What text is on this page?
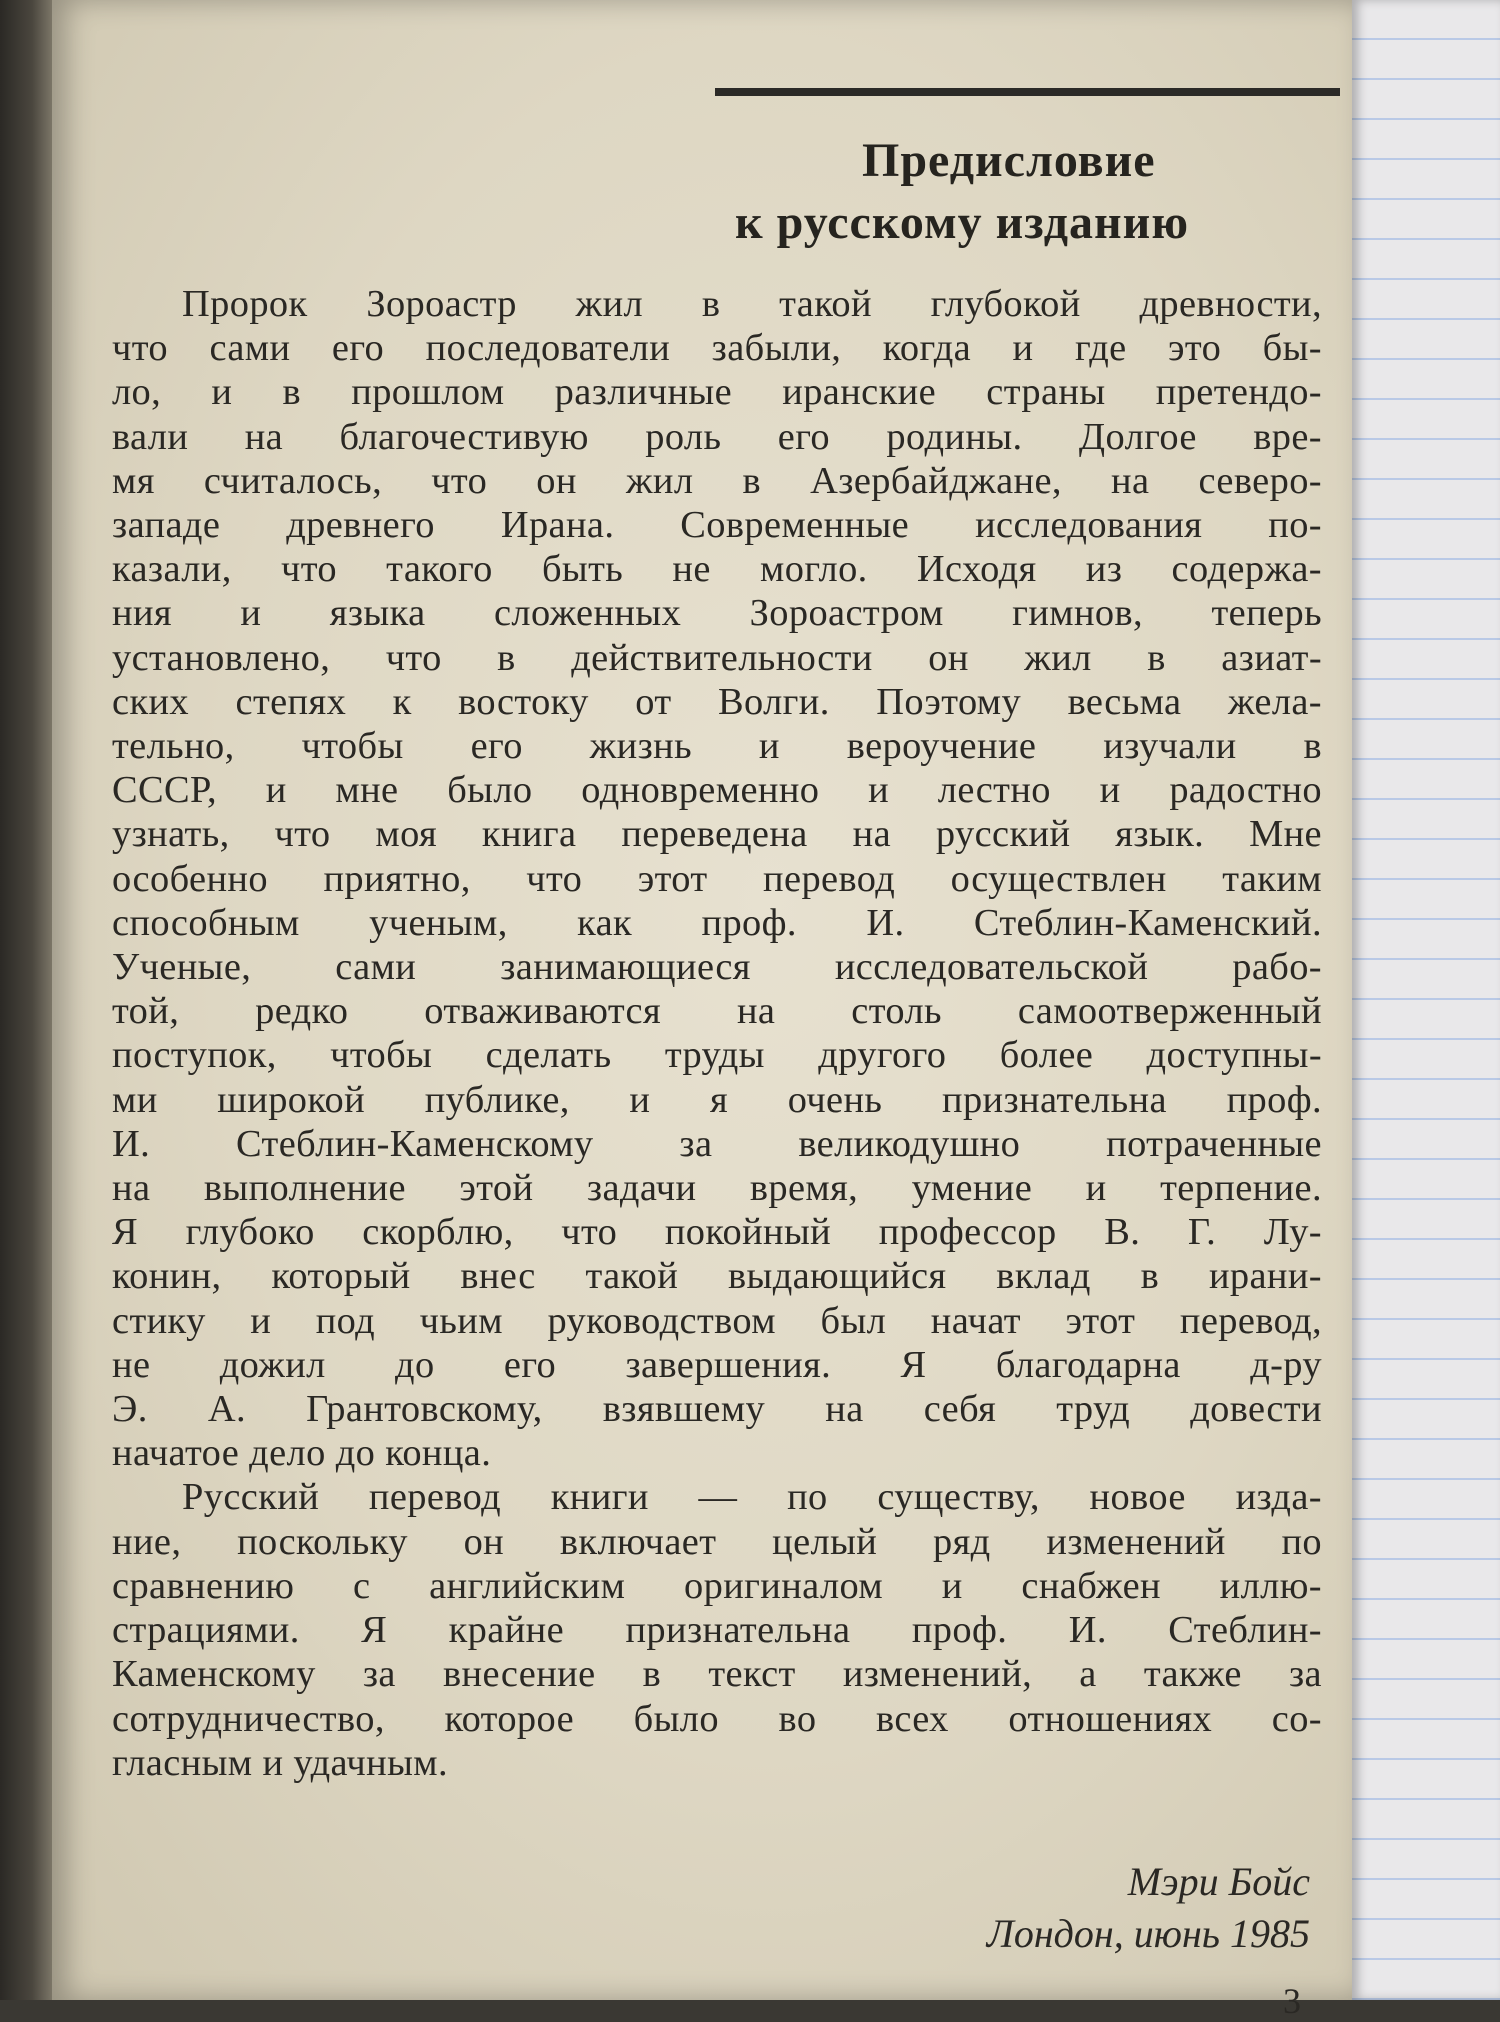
Предисловие
к русскому изданию

Пророк Зороастр жил в такой глубокой древности,

что сами его последователи забыли, когда и где это бы-

ло, и в прошлом различные иранские страны претендо-

вали на благочестивую роль его родины. Долгое вре-

мя считалось, что он жил в Азербайджане, на северо-

западе древнего Ирана. Современные исследования по-

казали, что такого быть не могло. Исходя из содержа-

ния и языка сложенных Зороастром гимнов, теперь

установлено, что в действительности он жил в азиат-

ских степях к востоку от Волги. Поэтому весьма жела-

тельно, чтобы его жизнь и вероучение изучали в

СССР, и мне было одновременно и лестно и радостно

узнать, что моя книга переведена на русский язык. Мне

особенно приятно, что этот перевод осуществлен таким

способным ученым, как проф. И. Стеблин-Каменский.

Ученые, сами занимающиеся исследовательской рабо-

той, редко отваживаются на столь самоотверженный

поступок, чтобы сделать труды другого более доступны-

ми широкой публике, и я очень признательна проф.

И. Стеблин-Каменскому за великодушно потраченные

на выполнение этой задачи время, умение и терпение.

Я глубоко скорблю, что покойный профессор В. Г. Лу-

конин, который внес такой выдающийся вклад в ирани-

стику и под чьим руководством был начат этот перевод,

не дожил до его завершения. Я благодарна д-ру

Э. А. Грантовскому, взявшему на себя труд довести

начатое дело до конца.

Русский перевод книги — по существу, новое изда-

ние, поскольку он включает целый ряд изменений по

сравнению с английским оригиналом и снабжен иллю-

страциями. Я крайне признательна проф. И. Стеблин-

Каменскому за внесение в текст изменений, а также за

сотрудничество, которое было во всех отношениях со-

гласным и удачным.

Мэри Бойс
Лондон, июнь 1985
3
